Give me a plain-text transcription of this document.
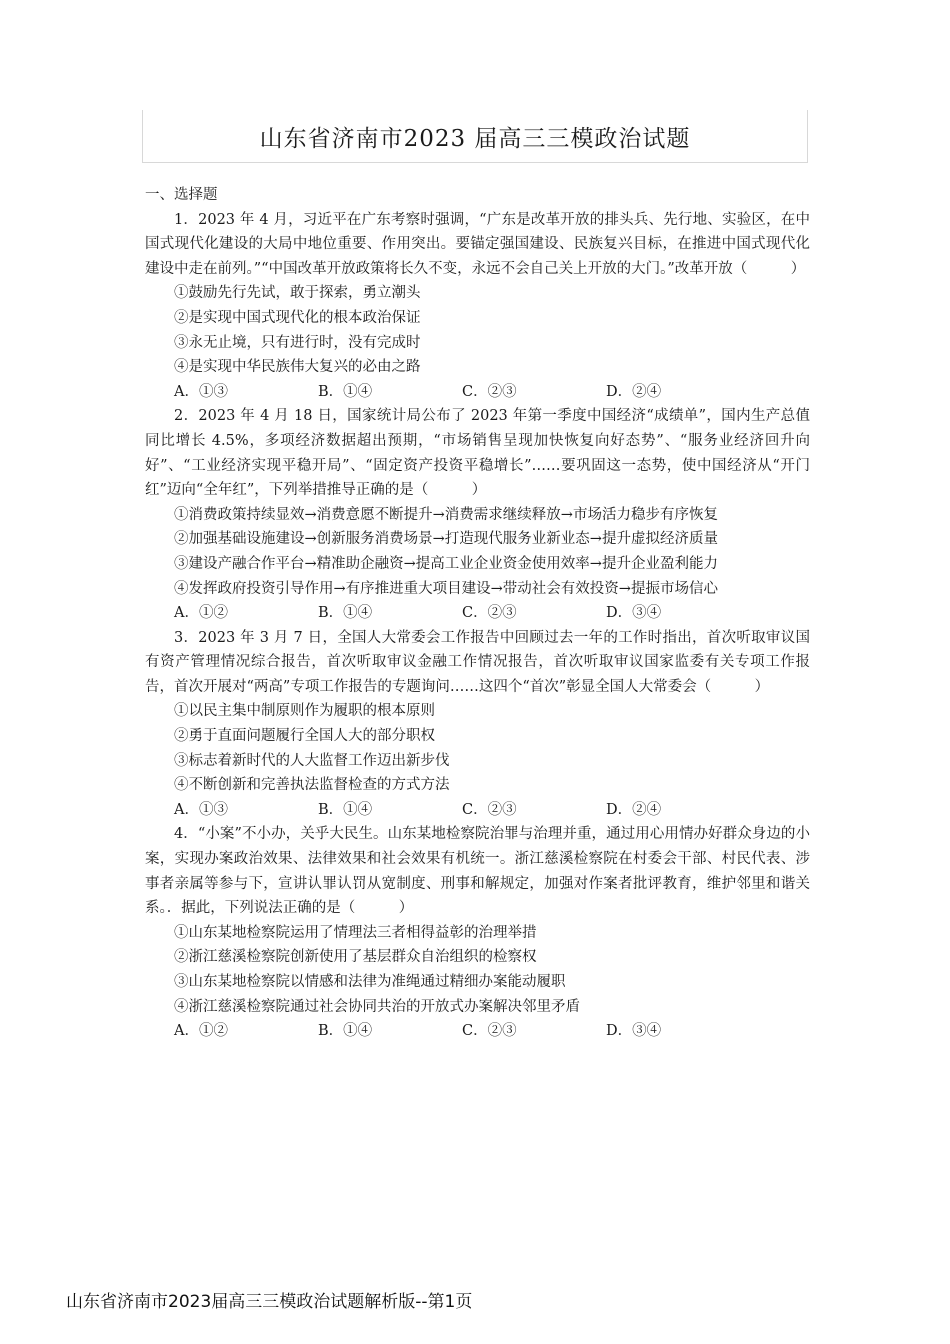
山东省济南市2023 届高三三模政治试题

一、选择题

1．2023 年 4 月，习近平在广东考察时强调，“广东是改革开放的排头兵、先行地、实验区，在中国式现代化建设的大局中地位重要、作用突出。要锚定强国建设、民族复兴目标，在推进中国式现代化建设中走在前列。”“中国改革开放政策将长久不变，永远不会自己关上开放的大门。”改革开放（　　　）

①鼓励先行先试，敢于探索，勇立潮头

②是实现中国式现代化的根本政治保证

③永无止境，只有进行时，没有完成时

④是实现中华民族伟大复兴的必由之路

A．①③	B．①④	C．②③	D．②④

2．2023 年 4 月 18 日，国家统计局公布了 2023 年第一季度中国经济“成绩单”，国内生产总值同比增长 4.5%，多项经济数据超出预期，“市场销售呈现加快恢复向好态势”、“服务业经济回升向好”、“工业经济实现平稳开局”、“固定资产投资平稳增长”……要巩固这一态势，使中国经济从“开门红”迈向“全年红”，下列举措推导正确的是（　　　）

①消费政策持续显效→消费意愿不断提升→消费需求继续释放→市场活力稳步有序恢复

②加强基础设施建设→创新服务消费场景→打造现代服务业新业态→提升虚拟经济质量

③建设产融合作平台→精准助企融资→提高工业企业资金使用效率→提升企业盈利能力

④发挥政府投资引导作用→有序推进重大项目建设→带动社会有效投资→提振市场信心

A．①②	B．①④	C．②③	D．③④

3．2023 年 3 月 7 日，全国人大常委会工作报告中回顾过去一年的工作时指出，首次听取审议国有资产管理情况综合报告，首次听取审议金融工作情况报告，首次听取审议国家监委有关专项工作报告，首次开展对“两高”专项工作报告的专题询问……这四个“首次”彰显全国人大常委会（　　　）

①以民主集中制原则作为履职的根本原则

②勇于直面问题履行全国人大的部分职权

③标志着新时代的人大监督工作迈出新步伐

④不断创新和完善执法监督检查的方式方法

A．①③	B．①④	C．②③	D．②④

4．“小案”不小办，关乎大民生。山东某地检察院治罪与治理并重，通过用心用情办好群众身边的小案，实现办案政治效果、法律效果和社会效果有机统一。浙江慈溪检察院在村委会干部、村民代表、涉事者亲属等参与下，宣讲认罪认罚从宽制度、刑事和解规定，加强对作案者批评教育，维护邻里和谐关系。．据此，下列说法正确的是（　　　）

①山东某地检察院运用了情理法三者相得益彰的治理举措

②浙江慈溪检察院创新使用了基层群众自治组织的检察权

③山东某地检察院以情感和法律为准绳通过精细办案能动履职

④浙江慈溪检察院通过社会协同共治的开放式办案解决邻里矛盾

A．①②	B．①④	C．②③	D．③④
山东省济南市2023届高三三模政治试题解析版--第1页
